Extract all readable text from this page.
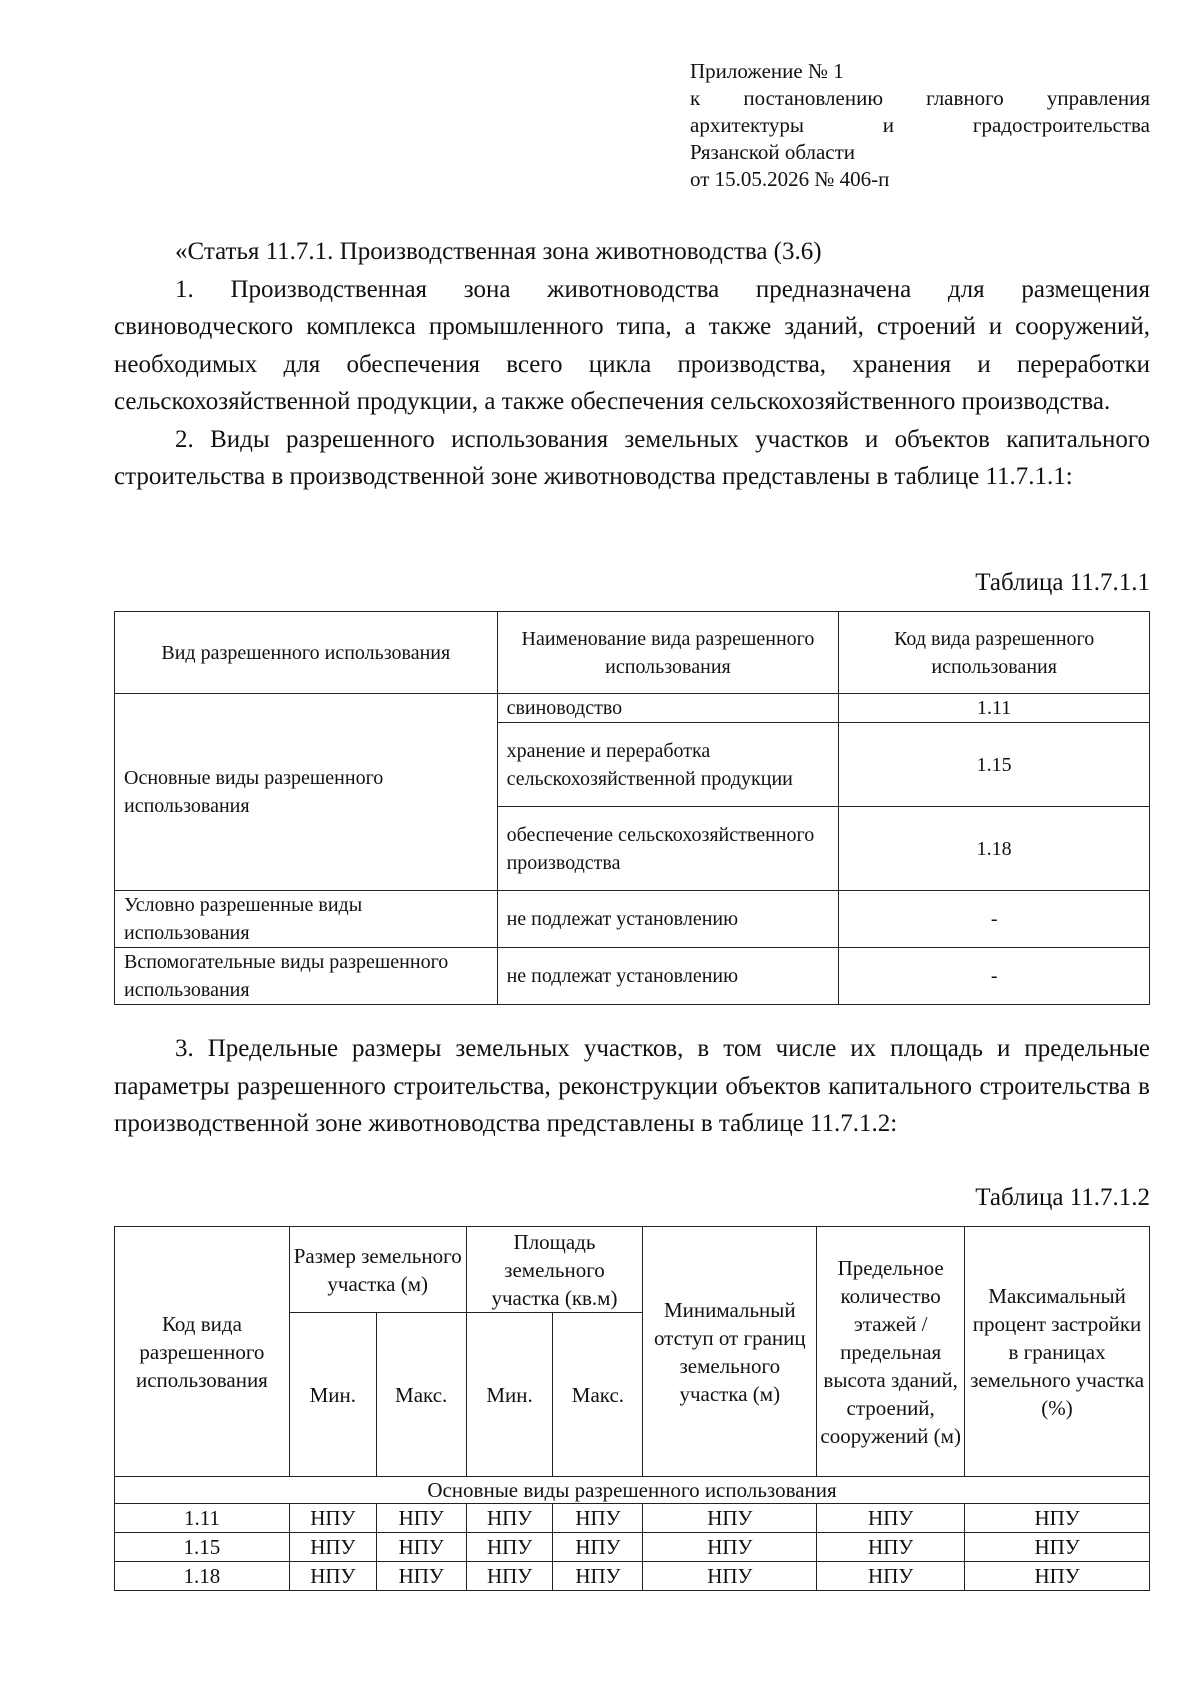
Приложение № 1
к постановлению главного управления
архитектуры и градостроительства
Рязанской области
от 15.05.2026 № 406-п

«Статья 11.7.1. Производственная зона животноводства (3.6)

1. Производственная зона животноводства предназначена для размещения свиноводческого комплекса промышленного типа, а также зданий, строений и сооружений, необходимых для обеспечения всего цикла производства, хранения и переработки сельскохозяйственной продукции, а также обеспечения сельскохозяйственного производства.

2. Виды разрешенного использования земельных участков и объектов капитального строительства в производственной зоне животноводства представлены в таблице 11.7.1.1:

Таблица 11.7.1.1
Вид разрешенного использования	Наименование вида разрешенного использования	Код вида разрешенного использования
Основные виды разрешенного использования	свиноводство	1.11
	хранение и переработка сельскохозяйственной продукции	1.15
	обеспечение сельскохозяйственного производства	1.18
Условно разрешенные виды использования	не подлежат установлению	-
Вспомогательные виды разрешенного использования	не подлежат установлению	-

3. Предельные размеры земельных участков, в том числе их площадь и предельные параметры разрешенного строительства, реконструкции объектов капитального строительства в производственной зоне животноводства представлены в таблице 11.7.1.2:

Таблица 11.7.1.2
Код вида разрешенного использования	Размер земельного участка (м)		Площадь земельного участка (кв.м)		Минимальный отступ от границ земельного участка (м)	Предельное количество этажей / предельная высота зданий, строений, сооружений (м)	Максимальный процент застройки в границах земельного участка (%)
	Мин.	Макс.	Мин.	Макс.			
Основные виды разрешенного использования							
1.11	НПУ	НПУ	НПУ	НПУ	НПУ	НПУ	НПУ
1.15	НПУ	НПУ	НПУ	НПУ	НПУ	НПУ	НПУ
1.18	НПУ	НПУ	НПУ	НПУ	НПУ	НПУ	НПУ
